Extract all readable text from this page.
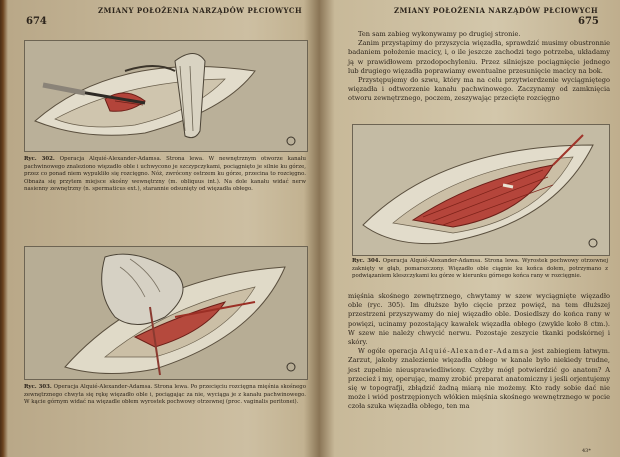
674
ZMIANY POŁOŻENIA NARZĄDÓW PŁCIOWYCH
Ryc. 302. Operacja Alquié-Alexander-Adamsa. Strona lewa. W newnętrznym otworze kanału pachwinowego znaleziono więzadło oble i uchwycono je szczypczykami, pociągnięto je silnie ku górze, przez co ponad niem wypukliło się rozcięgno. Nóż, zwrócony ostrzem ku górze, przecina to rozcięgno. Obnaża się przytem miejsce skośny wewnętrzny (m. obliquus int.). Na dole kanału widać nerw nasienny zewnętrzny (n. spermaticus ext.), starannie odsunięty od więzadła obłego.
Ryc. 303. Operacja Alquié-Alexander-Adamsa. Strona lewa. Po przecięciu rozcięgna mięśnia skośnego zewnętrznego chwyta się rękę więzadło oble i, pociągając za nie, wyciąga je z kanału pachwinowego. W kącie górnym widać na więzadle obłem wyrostek pochwowy otrzewnej (proc. vaginalis peritonei).
ZMIANY POŁOŻENIA NARZĄDÓW PŁCIOWYCH
675

Ten sam zabieg wykonywamy po drugiej stronie.

Zanim przystąpimy do przyszycia więzadła, sprawdzić musimy obustronnie badaniem położenie macicy, i, o ile jeszcze zachodzi tego potrzeba, układamy ją w prawidłowem przodopochyleniu. Przez silniejsze pociągnięcie jednego lub drugiego więzadła poprawiamy ewentualne przesunięcie macicy na bok.

Przystępujemy do szwu, który ma na celu przytwierdzenie wyciągniętego więzadła i odtworzenie kanału pachwinowego. Zaczynamy od zamknięcia otworu zewnętrznego, poczem, zeszywając przecięte rozcięgno

Ryc. 304. Operacja Alquié-Alexander-Adamsa. Strona lewa. Wyrostek pochwowy otrzewnej zaknięty w głąb, pomarszczony. Więzadło oble ciągnie ku końca dołem, potrzymano z podwiązaniem kleszczykami ku górze w kierunku górnego końca rany w rozcięgnie.

mięśnia skośnego zewnętrznego, chwytamy w szew wyciągnięte więzadło oble (ryc. 305). Im dłuższe było cięcie przez powięź, na tem dłuższej przestrzeni przyszywamy do niej więzadło oble. Dosiedlszy do końca rany w powięzi, ucinamy pozostający kawałek więzadła obłego (zwykle koło 8 ctm.). W szew nie należy chwycić nerwu. Pozostaje zeszycie tkanki podskórnej i skóry.

W ogóle operacja Alquié-Alexander-Adamsa jest zabiegiem łatwym. Zarzut, jakoby znalezienie więzadła obłego w kanale było niekiedy trudne, jest zupełnie nieusprawiedliwiony. Czyżby mógł potwierdzić go anatom? A przecież i my, operując, mamy zrobić preparat anatomiczny i jeśli orjentujemy się w topografji, zbłądzić żadną miarą nie możemy. Kto rady sobie dać nie może i wiód postrzępionych włókien mięśnia skośnego wewnętrznego w pocie czoła szuka więzadła obłego, ten ma

43*
